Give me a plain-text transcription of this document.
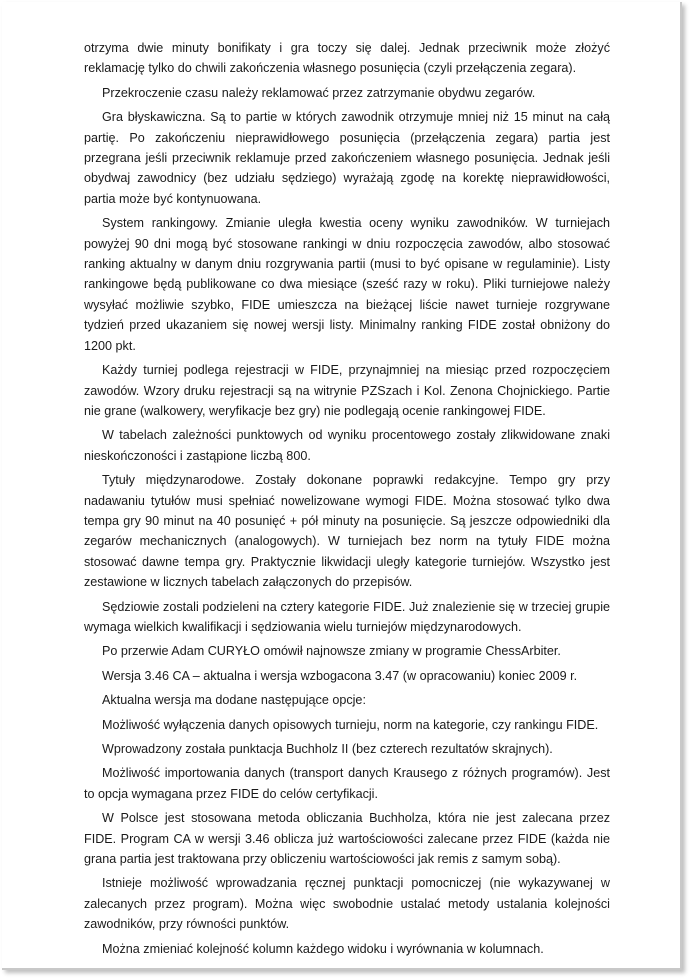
otrzyma dwie minuty bonifikaty i gra toczy się dalej. Jednak przeciwnik może złożyć reklamację tylko do chwili zakończenia własnego posunięcia (czyli przełączenia zegara).

Przekroczenie czasu należy reklamować przez zatrzymanie obydwu zegarów.

Gra błyskawiczna. Są to partie w których zawodnik otrzymuje mniej niż 15 minut na całą partię. Po zakończeniu nieprawidłowego posunięcia (przełączenia zegara) partia jest przegrana jeśli przeciwnik reklamuje przed zakończeniem własnego posunięcia. Jednak jeśli obydwaj zawodnicy (bez udziału sędziego) wyrażają zgodę na korektę nieprawidłowości, partia może być kontynuowana.

System rankingowy. Zmianie uległa kwestia oceny wyniku zawodników. W turniejach powyżej 90 dni mogą być stosowane rankingi w dniu rozpoczęcia zawodów, albo stosować ranking aktualny w danym dniu rozgrywania partii (musi to być opisane w regulaminie). Listy rankingowe będą publikowane co dwa miesiące (sześć razy w roku). Pliki turniejowe należy wysyłać możliwie szybko, FIDE umieszcza na bieżącej liście nawet turnieje rozgrywane tydzień przed ukazaniem się nowej wersji listy. Minimalny ranking FIDE został obniżony do 1200 pkt.

Każdy turniej podlega rejestracji w FIDE, przynajmniej na miesiąc przed rozpoczęciem zawodów. Wzory druku rejestracji są na witrynie PZSzach i Kol. Zenona Chojnickiego. Partie nie grane (walkowery, weryfikacje bez gry) nie podlegają ocenie rankingowej FIDE.

W tabelach zależności punktowych od wyniku procentowego zostały zlikwidowane znaki nieskończoności i zastąpione liczbą 800.

Tytuły międzynarodowe. Zostały dokonane poprawki redakcyjne. Tempo gry przy nadawaniu tytułów musi spełniać nowelizowane wymogi FIDE. Można stosować tylko dwa tempa gry 90 minut na 40 posunięć + pół minuty na posunięcie. Są jeszcze odpowiedniki dla zegarów mechanicznych (analogowych). W turniejach bez norm na tytuły FIDE można stosować dawne tempa gry. Praktycznie likwidacji uległy kategorie turniejów. Wszystko jest zestawione w licznych tabelach załączonych do przepisów.

Sędziowie zostali podzieleni na cztery kategorie FIDE. Już znalezienie się w trzeciej grupie wymaga wielkich kwalifikacji i sędziowania wielu turniejów międzynarodowych.

Po przerwie Adam CURYŁO omówił najnowsze zmiany w programie ChessArbiter.

Wersja 3.46 CA – aktualna i wersja wzbogacona 3.47 (w opracowaniu) koniec 2009 r.

Aktualna wersja ma dodane następujące opcje:

Możliwość wyłączenia danych opisowych turnieju, norm na kategorie, czy rankingu FIDE.

Wprowadzony została punktacja Buchholz II (bez czterech rezultatów skrajnych).

Możliwość importowania danych (transport danych Krausego z różnych programów). Jest to opcja wymagana przez FIDE do celów certyfikacji.

W Polsce jest stosowana metoda obliczania Buchholza, która nie jest zalecana przez FIDE. Program CA w wersji 3.46 oblicza już wartościowości zalecane przez FIDE (każda nie grana partia jest traktowana przy obliczeniu wartościowości jak remis z samym sobą).

Istnieje możliwość wprowadzania ręcznej punktacji pomocniczej (nie wykazywanej w zalecanych przez program). Można więc swobodnie ustalać metody ustalania kolejności zawodników, przy równości punktów.

Można zmieniać kolejność kolumn każdego widoku i wyrównania w kolumnach.
